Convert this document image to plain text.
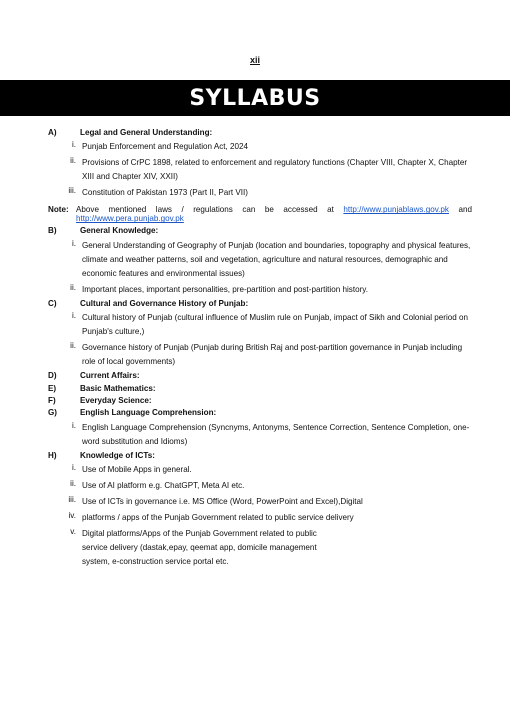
xii
SYLLABUS
A)	Legal and General Understanding:
i. Punjab Enforcement and Regulation Act, 2024
ii. Provisions of CrPC 1898, related to enforcement and regulatory functions (Chapter VIII, Chapter X, Chapter XIII and Chapter XIV, XXII)
iii. Constitution of Pakistan 1973 (Part II, Part VII)
Note: Above mentioned laws / regulations can be accessed at http://www.punjablaws.gov.pk and http://www.pera.punjab.gov.pk
B)	General Knowledge:
i. General Understanding of Geography of Punjab (location and boundaries, topography and physical features, climate and weather patterns, soil and vegetation, agriculture and natural resources, demographic and economic features and environmental issues)
ii. Important places, important personalities, pre-partition and post-partition history.
C)	Cultural and Governance History of Punjab:
i. Cultural history of Punjab (cultural influence of Muslim rule on Punjab, impact of Sikh and Colonial period on Punjab's culture,)
ii. Governance history of Punjab (Punjab during British Raj and post-partition governance in Punjab including role of local governments)
D)	Current Affairs:
E)	Basic Mathematics:
F)	Everyday Science:
G)	English Language Comprehension:
i. English Language Comprehension (Syncnyms, Antonyms, Sentence Correction, Sentence Completion, one-word substitution and Idioms)
H)	Knowledge of ICTs:
i. Use of Mobile Apps in general.
ii. Use of AI platform e.g. ChatGPT, Meta AI etc.
iii. Use of ICTs in governance i.e. MS Office (Word, PowerPoint and Excel),Digital
iv. platforms / apps of the Punjab Government related to public service delivery
v. Digital platforms/Apps of the Punjab Government related to public service delivery (dastak,epay, qeemat app, domicile management system, e-construction service portal etc.
